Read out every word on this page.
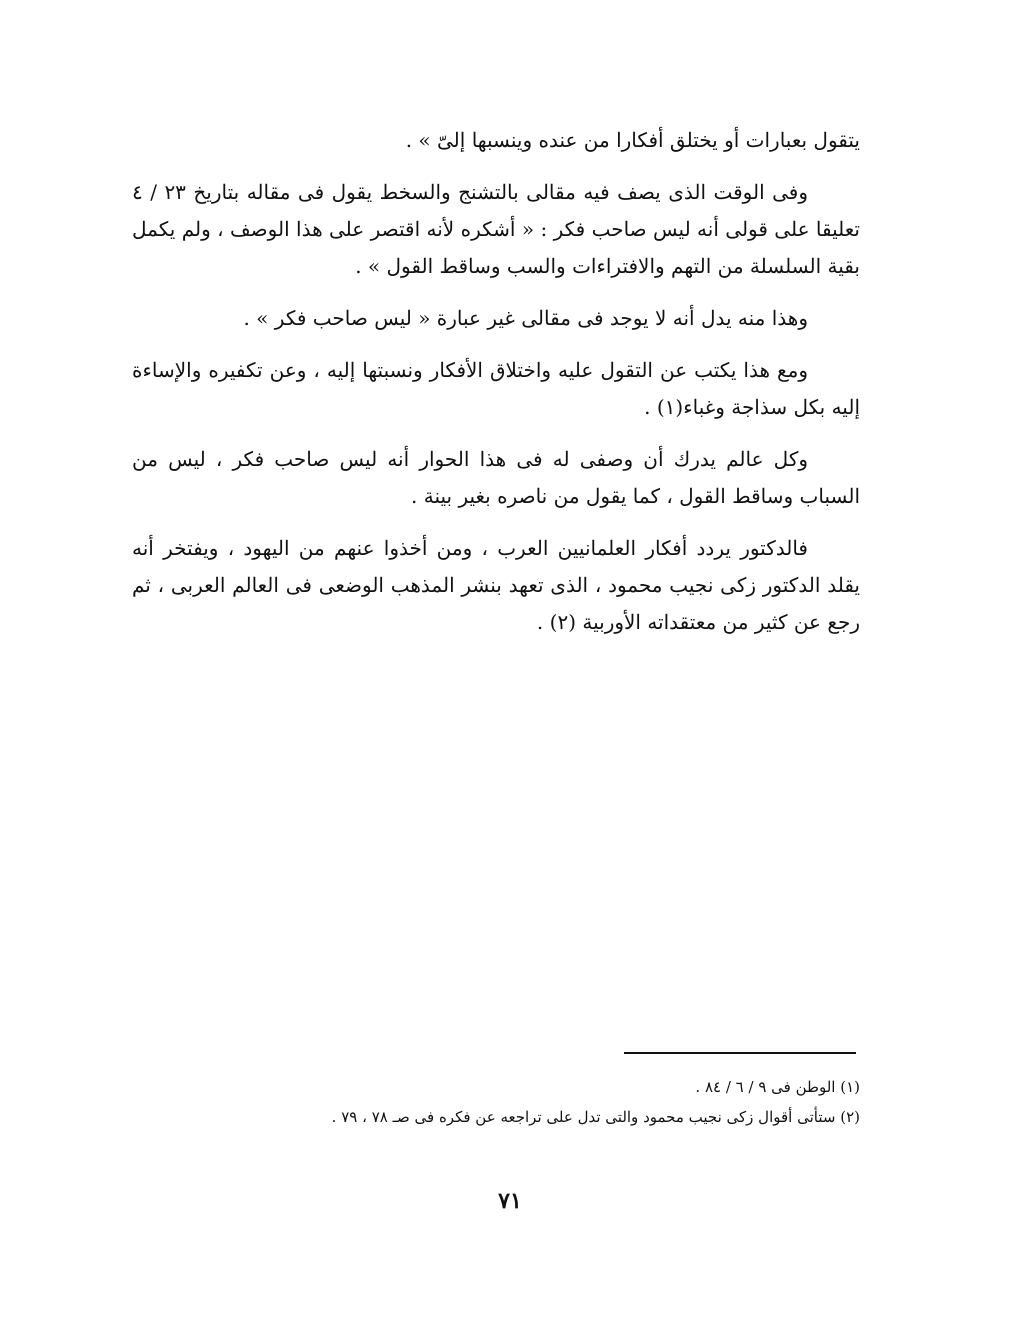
يتقول بعبارات أو يختلق أفكارا من عنده وينسبها إلىّ » .

وفى الوقت الذى يصف فيه مقالى بالتشنج والسخط يقول فى مقاله بتاريخ ٢٣ / ٤ تعليقا على قولى أنه ليس صاحب فكر : « أشكره لأنه اقتصر على هذا الوصف ، ولم يكمل بقية السلسلة من التهم والافتراءات والسب وساقط القول » .

وهذا منه يدل أنه لا يوجد فى مقالى غير عبارة « ليس صاحب فكر » .

ومع هذا يكتب عن التقول عليه واختلاق الأفكار ونسبتها إليه ، وعن تكفيره والإساءة إليه بكل سذاجة وغباء(١) .

وكل عالم يدرك أن وصفى له فى هذا الحوار أنه ليس صاحب فكر ، ليس من السباب وساقط القول ، كما يقول من ناصره بغير بينة .

فالدكتور يردد أفكار العلمانيين العرب ، ومن أخذوا عنهم من اليهود ، ويفتخر أنه يقلد الدكتور زكى نجيب محمود ، الذى تعهد بنشر المذهب الوضعى فى العالم العربى ، ثم رجع عن كثير من معتقداته الأوربية (٢) .

(١) الوطن فى ٩ / ٦ / ٨٤ .

(٢) ستأتى أقوال زكى نجيب محمود والتى تدل على تراجعه عن فكره فى صـ ٧٨ ، ٧٩ .

٧١
